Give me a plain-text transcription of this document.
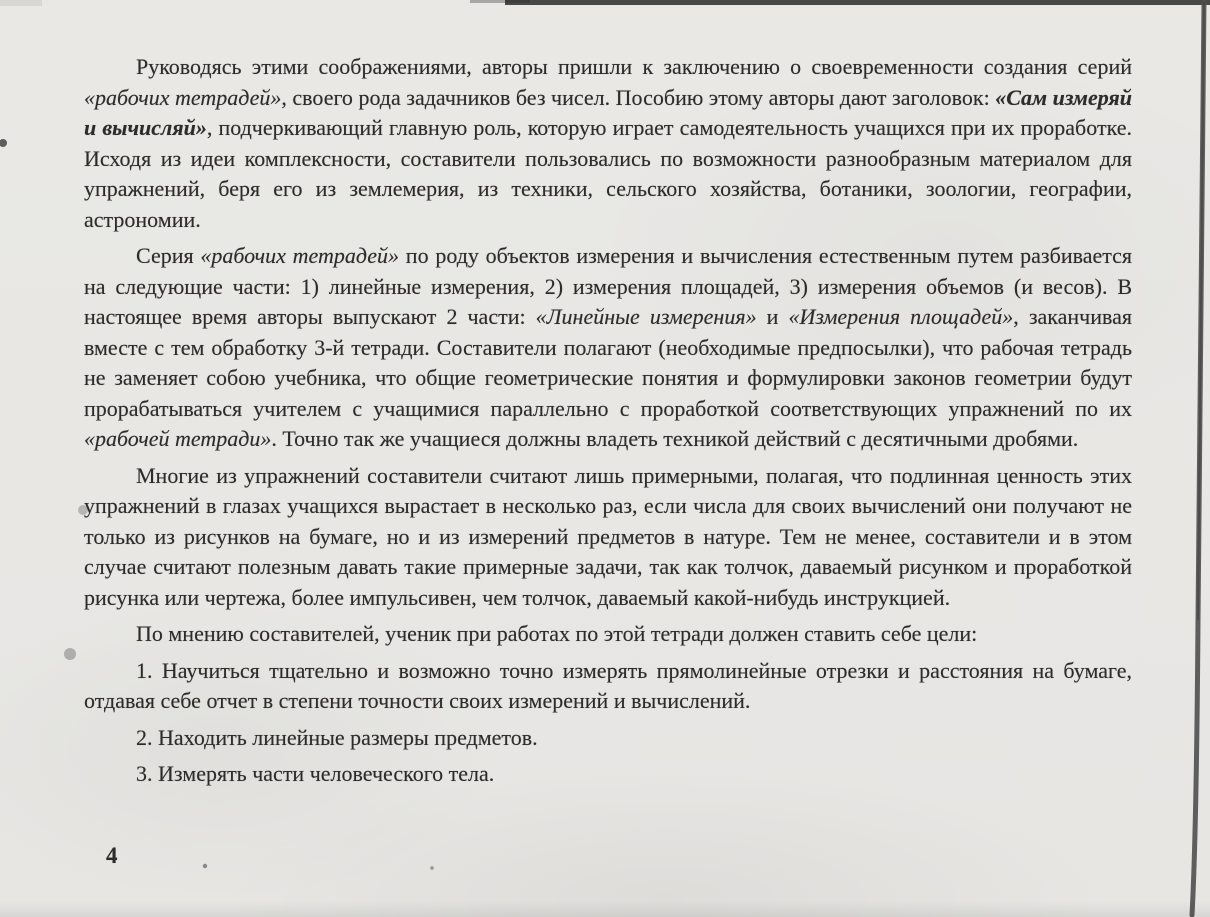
Руководясь этими соображениями, авторы пришли к заключению о своевременности создания серий «рабочих тетрадей», своего рода задачников без чисел. Пособию этому авторы дают заголовок: «Сам измеряй и вычисляй», подчеркивающий главную роль, которую играет самодеятельность учащихся при их проработке. Исходя из идеи комплексности, составители пользовались по возможности разнообразным материалом для упражнений, беря его из землемерия, из техники, сельского хозяйства, ботаники, зоологии, географии, астрономии.

Серия «рабочих тетрадей» по роду объектов измерения и вычисления естественным путем разбивается на следующие части: 1) линейные измерения, 2) измерения площадей, 3) измерения объемов (и весов). В настоящее время авторы выпускают 2 части: «Линейные измерения» и «Измерения площадей», заканчивая вместе с тем обработку 3-й тетради. Составители полагают (необходимые предпосылки), что рабочая тетрадь не заменяет собою учебника, что общие геометрические понятия и формулировки законов геометрии будут прорабатываться учителем с учащимися параллельно с проработкой соответствующих упражнений по их «рабочей тетради». Точно так же учащиеся должны владеть техникой действий с десятичными дробями.

Многие из упражнений составители считают лишь примерными, полагая, что подлинная ценность этих упражнений в глазах учащихся вырастает в несколько раз, если числа для своих вычислений они получают не только из рисунков на бумаге, но и из измерений предметов в натуре. Тем не менее, составители и в этом случае считают полезным давать такие примерные задачи, так как толчок, даваемый рисунком и проработкой рисунка или чертежа, более импульсивен, чем толчок, даваемый какой-нибудь инструкцией.

По мнению составителей, ученик при работах по этой тетради должен ставить себе цели:

1. Научиться тщательно и возможно точно измерять прямолинейные отрезки и расстояния на бумаге, отдавая себе отчет в степени точности своих измерений и вычислений.

2. Находить линейные размеры предметов.

3. Измерять части человеческого тела.

4
